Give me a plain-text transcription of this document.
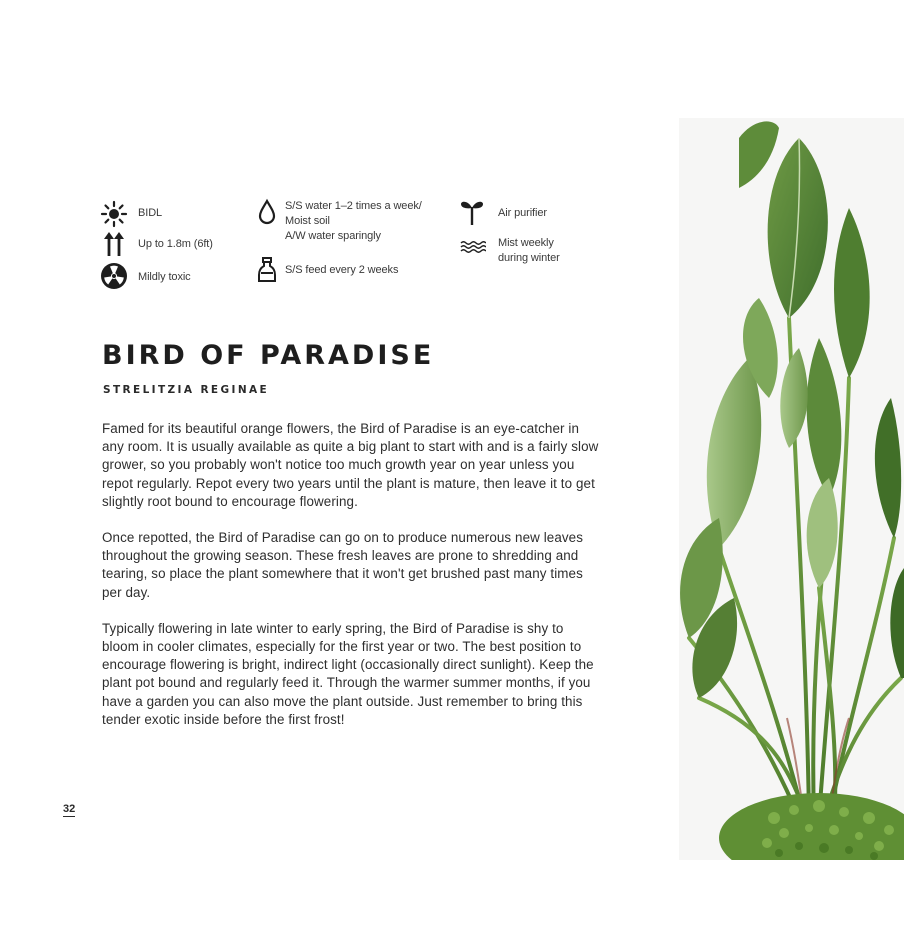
BIDL
Up to 1.8m (6ft)
Mildly toxic
S/S water 1–2 times a week/
Moist soil
A/W water sparingly
S/S feed every 2 weeks
Air purifier
Mist weekly
during winter
BIRD OF PARADISE
STRELITZIA REGINAE

Famed for its beautiful orange flowers, the Bird of Paradise is an eye-catcher in any room. It is usually available as quite a big plant to start with and is a fairly slow grower, so you probably won't notice too much growth year on year unless you repot regularly. Repot every two years until the plant is mature, then leave it to get slightly root bound to encourage flowering.

Once repotted, the Bird of Paradise can go on to produce numerous new leaves throughout the growing season. These fresh leaves are prone to shredding and tearing, so place the plant somewhere that it won't get brushed past many times per day.

Typically flowering in late winter to early spring, the Bird of Paradise is shy to bloom in cooler climates, especially for the first year or two. The best position to encourage flowering is bright, indirect light (occasionally direct sunlight). Keep the plant pot bound and regularly feed it. Through the warmer summer months, if you have a garden you can also move the plant outside. Just remember to bring this tender exotic inside before the first frost!

32
